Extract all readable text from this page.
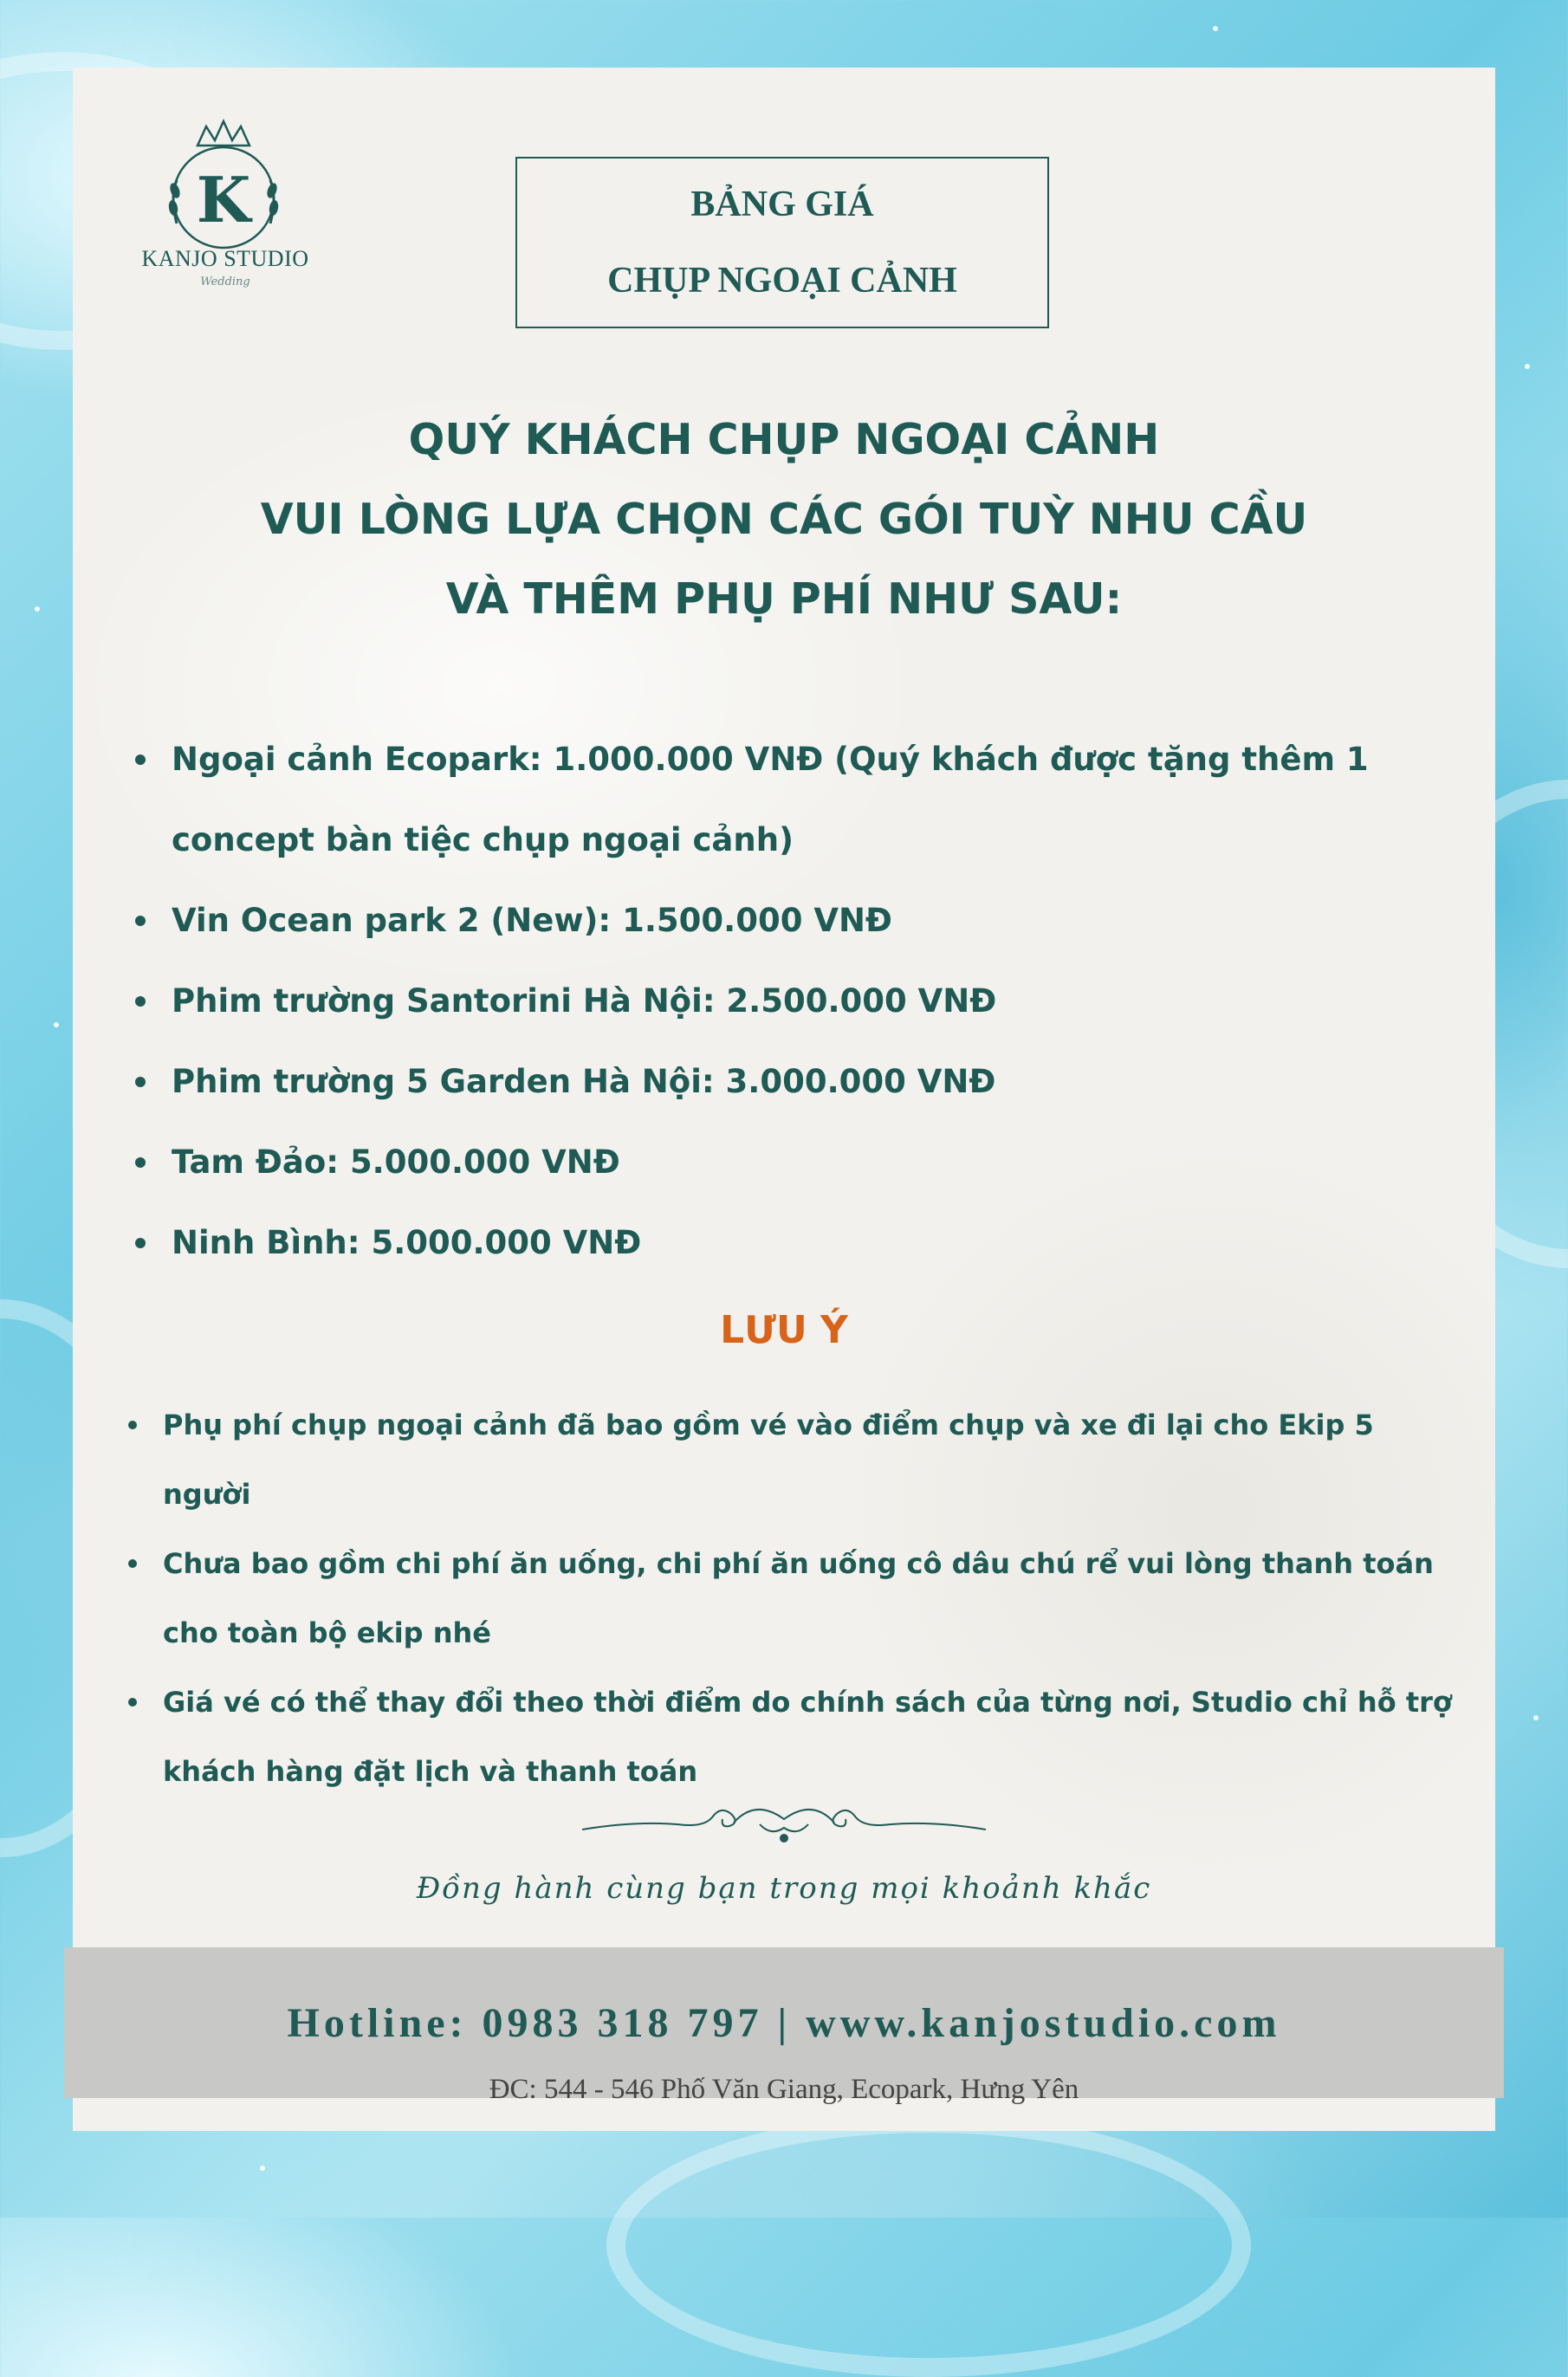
K
KANJO STUDIO
Wedding
BẢNG GIÁ
CHỤP NGOẠI CẢNH
QUÝ KHÁCH CHỤP NGOẠI CẢNH
VUI LÒNG LỰA CHỌN CÁC GÓI TUỲ NHU CẦU
VÀ THÊM PHỤ PHÍ NHƯ SAU:
Ngoại cảnh Ecopark: 1.000.000 VNĐ (Quý khách được tặng thêm 1 concept bàn tiệc chụp ngoại cảnh)
Vin Ocean park 2 (New): 1.500.000 VNĐ
Phim trường Santorini Hà Nội: 2.500.000 VNĐ
Phim trường 5 Garden Hà Nội: 3.000.000 VNĐ
Tam Đảo: 5.000.000 VNĐ
Ninh Bình: 5.000.000 VNĐ
LƯU Ý
Phụ phí chụp ngoại cảnh đã bao gồm vé vào điểm chụp và xe đi lại cho Ekip 5 người
Chưa bao gồm chi phí ăn uống, chi phí ăn uống cô dâu chú rể vui lòng thanh toán cho toàn bộ ekip nhé
Giá vé có thể thay đổi theo thời điểm do chính sách của từng nơi, Studio chỉ hỗ trợ khách hàng đặt lịch và thanh toán
Đồng hành cùng bạn trong mọi khoảnh khắc
Hotline: 0983 318 797 | www.kanjostudio.com
ĐC: 544 - 546 Phố Văn Giang, Ecopark, Hưng Yên
